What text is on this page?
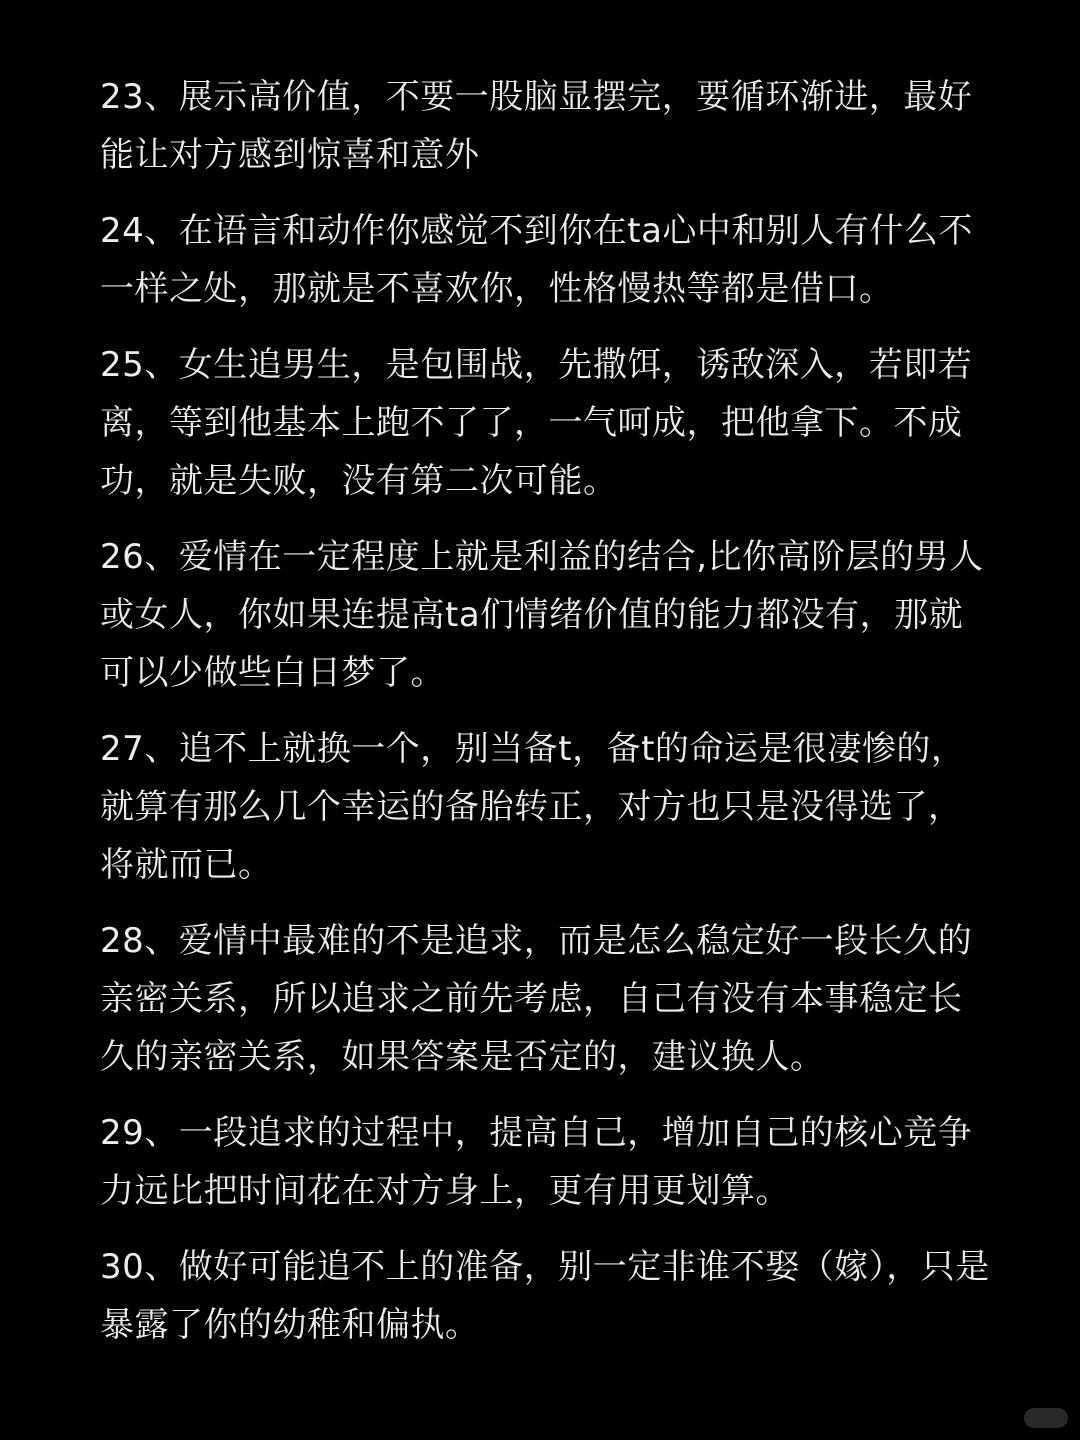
23、展示高价值，不要一股脑显摆完，要循环渐进，最好能让对方感到惊喜和意外

24、在语言和动作你感觉不到你在ta心中和别人有什么不一样之处，那就是不喜欢你，性格慢热等都是借口。

25、女生追男生，是包围战，先撒饵，诱敌深入，若即若离，等到他基本上跑不了了，一气呵成，把他拿下。不成功，就是失败，没有第二次可能。

26、爱情在一定程度上就是利益的结合,比你高阶层的男人或女人，你如果连提高ta们情绪价值的能力都没有，那就可以少做些白日梦了。

27、追不上就换一个，别当备t，备t的命运是很凄惨的，就算有那么几个幸运的备胎转正，对方也只是没得选了，将就而已。

28、爱情中最难的不是追求，而是怎么稳定好一段长久的亲密关系，所以追求之前先考虑，自己有没有本事稳定长久的亲密关系，如果答案是否定的，建议换人。

29、一段追求的过程中，提高自己，增加自己的核心竞争力远比把时间花在对方身上，更有用更划算。

30、做好可能追不上的准备，别一定非谁不娶（嫁），只是暴露了你的幼稚和偏执。
